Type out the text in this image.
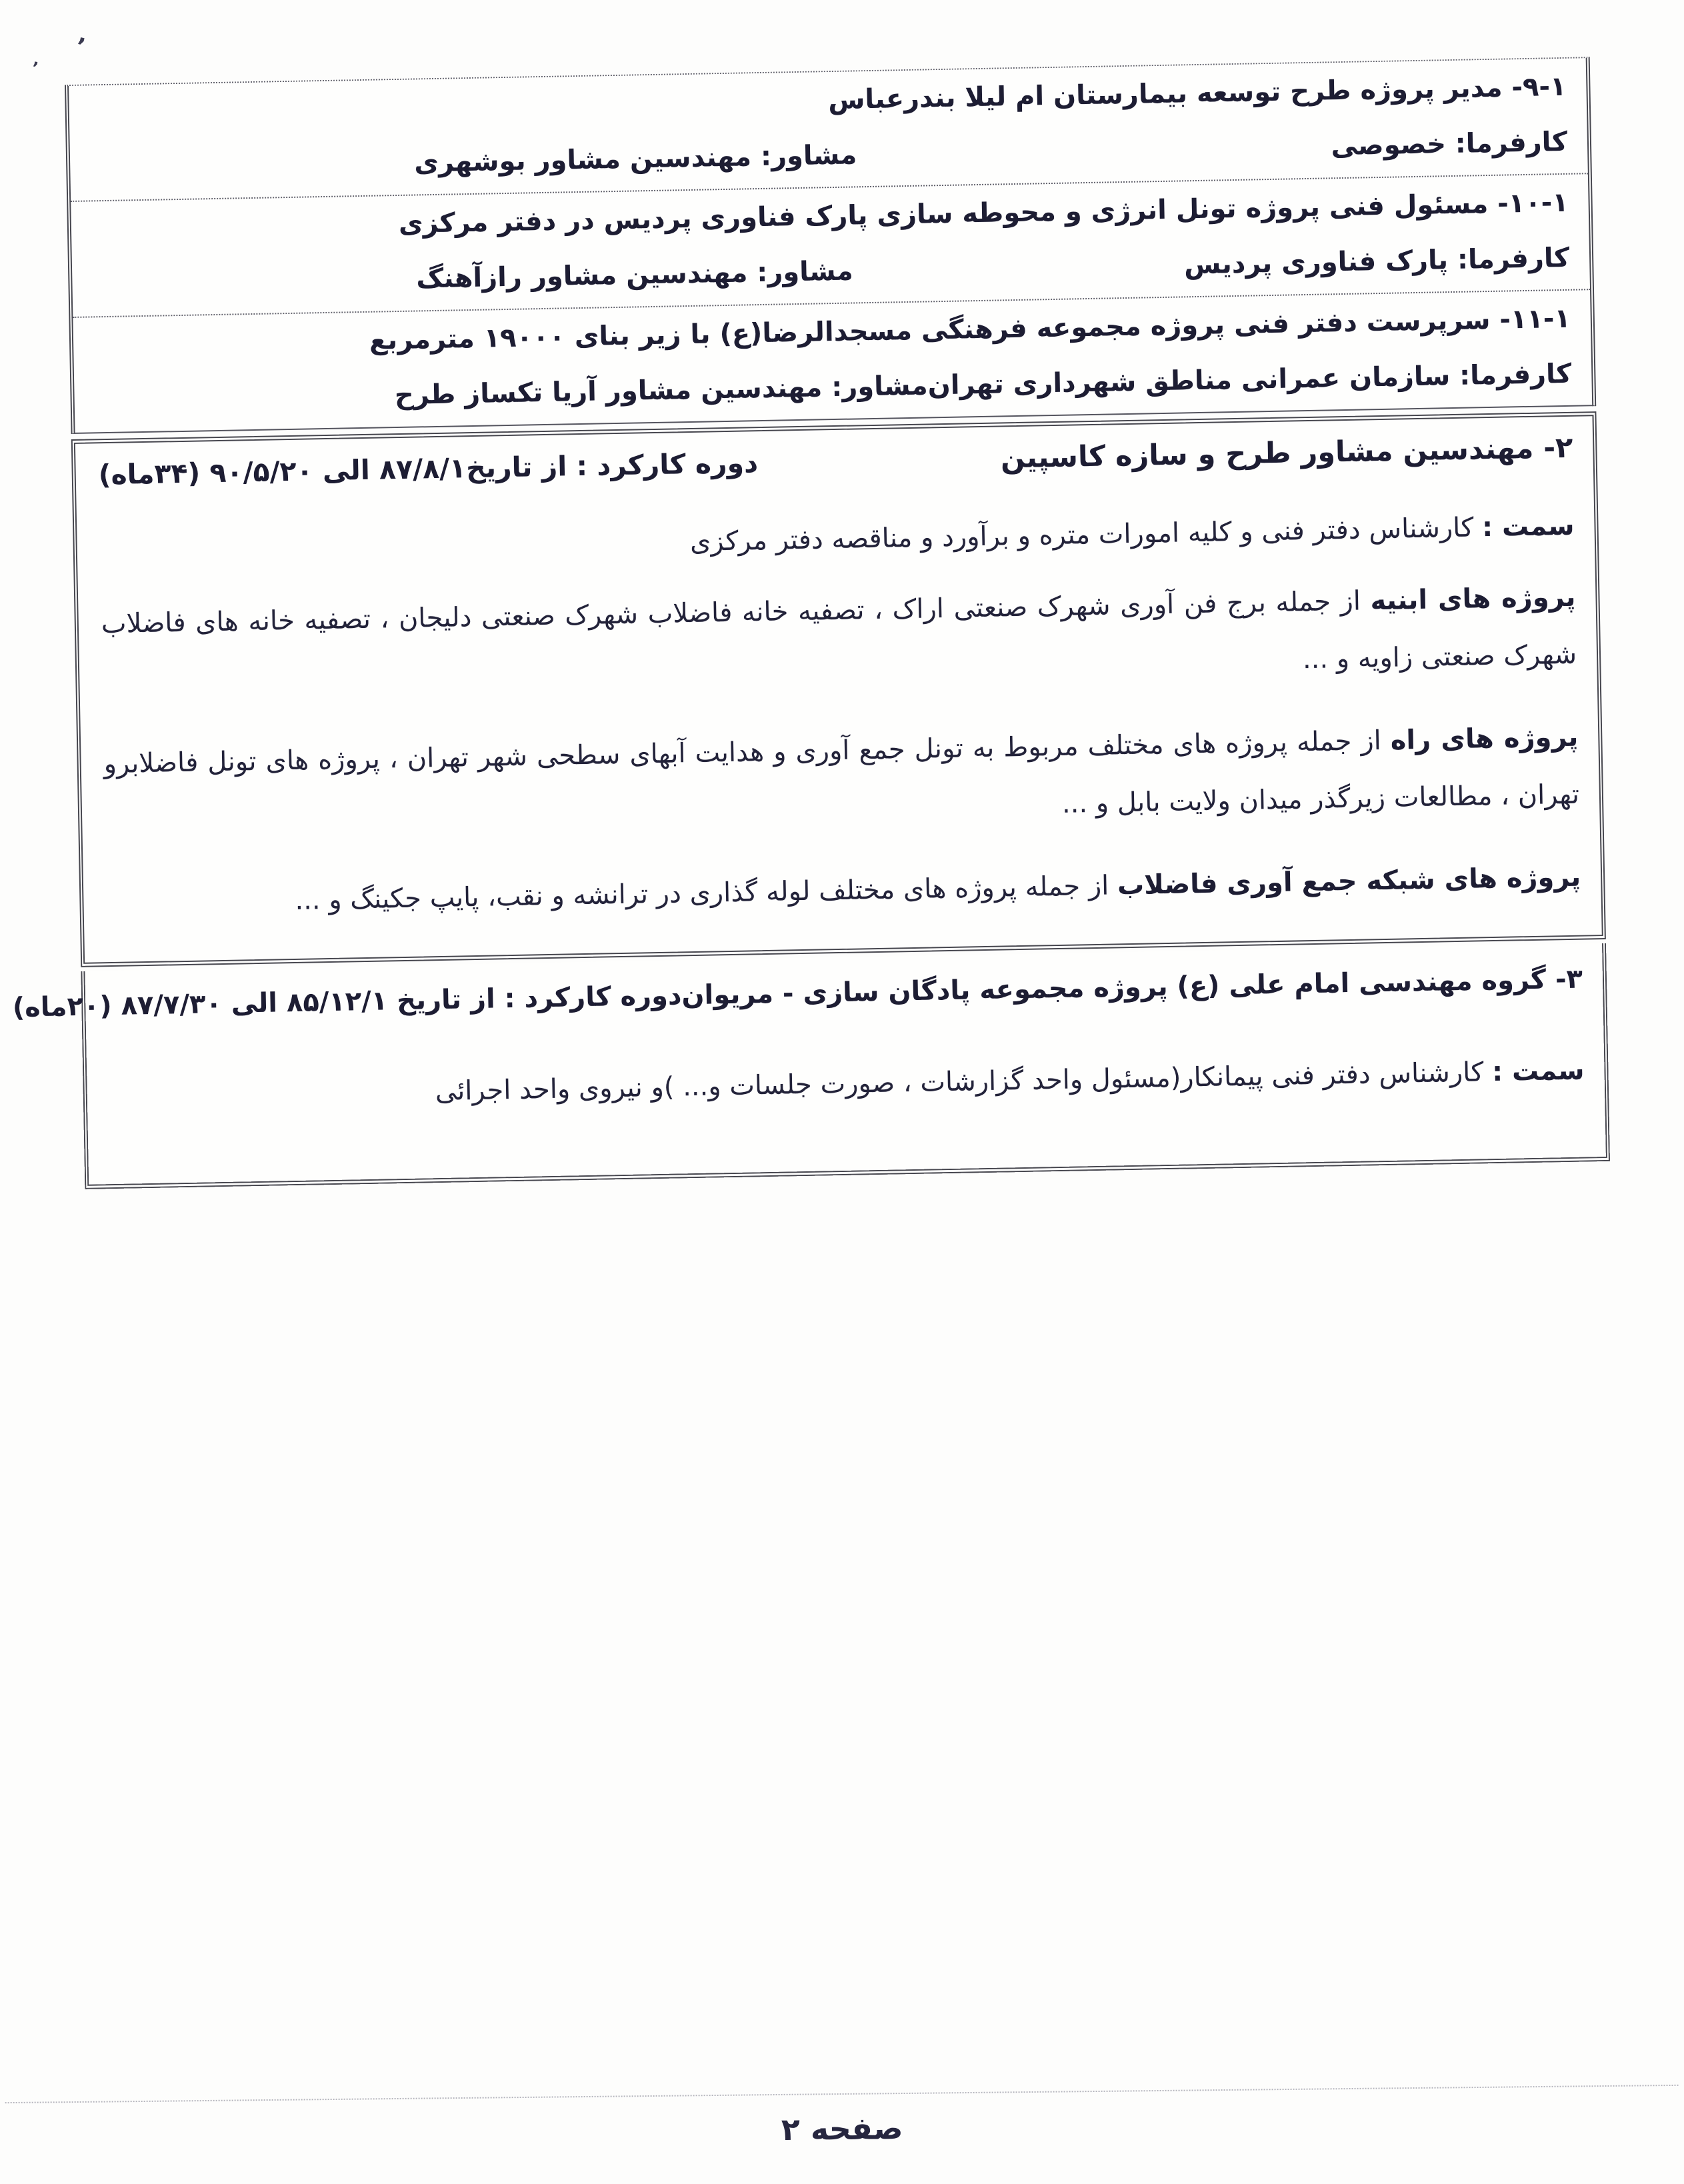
٬
٬
۹-۱- مدیر پروژه طرح توسعه بیمارستان ام لیلا بندرعباس
کارفرما: خصوصی
مشاور: مهندسین مشاور بوشهری
۱۰-۱- مسئول فنی پروژه تونل انرژی و محوطه سازی پارک فناوری پردیس در دفتر مرکزی
کارفرما: پارک فناوری پردیس
مشاور: مهندسین مشاور رازآهنگ
۱۱-۱- سرپرست دفتر فنی پروژه مجموعه فرهنگی مسجدالرضا(ع) با زیر بنای ۱۹۰۰۰ مترمربع
کارفرما: سازمان عمرانی مناطق شهرداری تهران
مشاور: مهندسین مشاور آریا تکساز طرح
۲- مهندسین مشاور طرح و سازه کاسپین
دوره کارکرد : از تاریخ۸۷/۸/۱ الی ۹۰/۵/۲۰ (۳۴ماه)
سمت : کارشناس دفتر فنی و کلیه امورات متره و برآورد و مناقصه دفتر مرکزی
پروژه های ابنیه از جمله برج فن آوری شهرک صنعتی اراک ، تصفیه خانه فاضلاب شهرک صنعتی دلیجان ، تصفیه خانه های فاضلاب شهرک صنعتی زاویه و ...
پروژه های راه از جمله پروژه های مختلف مربوط به تونل جمع آوری و هدایت آبهای سطحی شهر تهران ، پروژه های تونل فاضلابرو تهران ، مطالعات زیرگذر میدان ولایت بابل و ...
پروژه های شبکه جمع آوری فاضلاب از جمله پروژه های مختلف لوله گذاری در ترانشه و نقب، پایپ جکینگ و ...
۳- گروه مهندسی امام علی (ع) پروژه مجموعه پادگان سازی - مریوان
دوره کارکرد : از تاریخ ۸۵/۱۲/۱ الی ۸۷/۷/۳۰ (۲۰ماه)
سمت : کارشناس دفتر فنی پیمانکار(مسئول واحد گزارشات ، صورت جلسات و... )و نیروی واحد اجرائی
صفحه ۲
